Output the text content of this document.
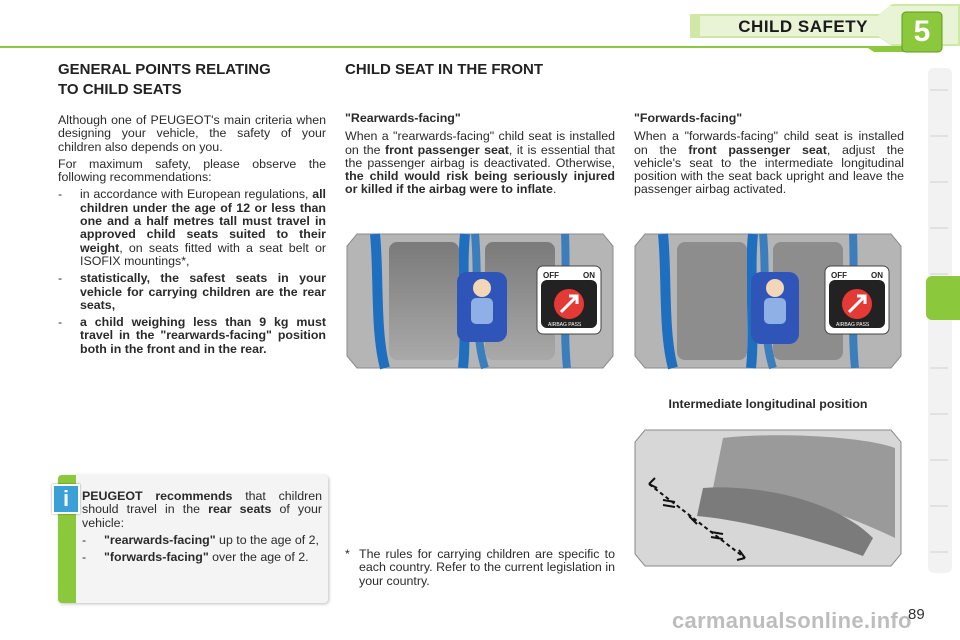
CHILD SAFETY	5
GENERAL POINTS RELATING
TO CHILD SEATS
Although one of PEUGEOT's main criteria when designing your vehicle, the safety of your children also depends on you.
For maximum safety, please observe the following recommendations:
-	in accordance with European regulations, all children under the age of 12 or less than one and a half metres tall must travel in approved child seats suited to their weight, on seats fitted with a seat belt or ISOFIX mountings*,
-	statistically, the safest seats in your vehicle for carrying children are the rear seats,
-	a child weighing less than 9 kg must travel in the "rearwards-facing" position both in the front and in the rear.
i	PEUGEOT recommends that children should travel in the rear seats of your vehicle:
-	"rearwards-facing" up to the age of 2,
-	"forwards-facing" over the age of 2.
CHILD SEAT IN THE FRONT
"Rearwards-facing"
When a "rearwards-facing" child seat is installed on the front passenger seat, it is essential that the passenger airbag is deactivated. Otherwise, the child would risk being seriously injured or killed if the airbag were to inflate.
"Forwards-facing"
When a "forwards-facing" child seat is installed on the front passenger seat, adjust the vehicle's seat to the intermediate longitudinal position with the seat back upright and leave the passenger airbag activated.
OFF	ON
AIRBAG PASS
OFF	ON
AIRBAG PASS
Intermediate longitudinal position
* The rules for carrying children are specific to each country. Refer to the current legislation in your country.
carmanualsonline.info
89
